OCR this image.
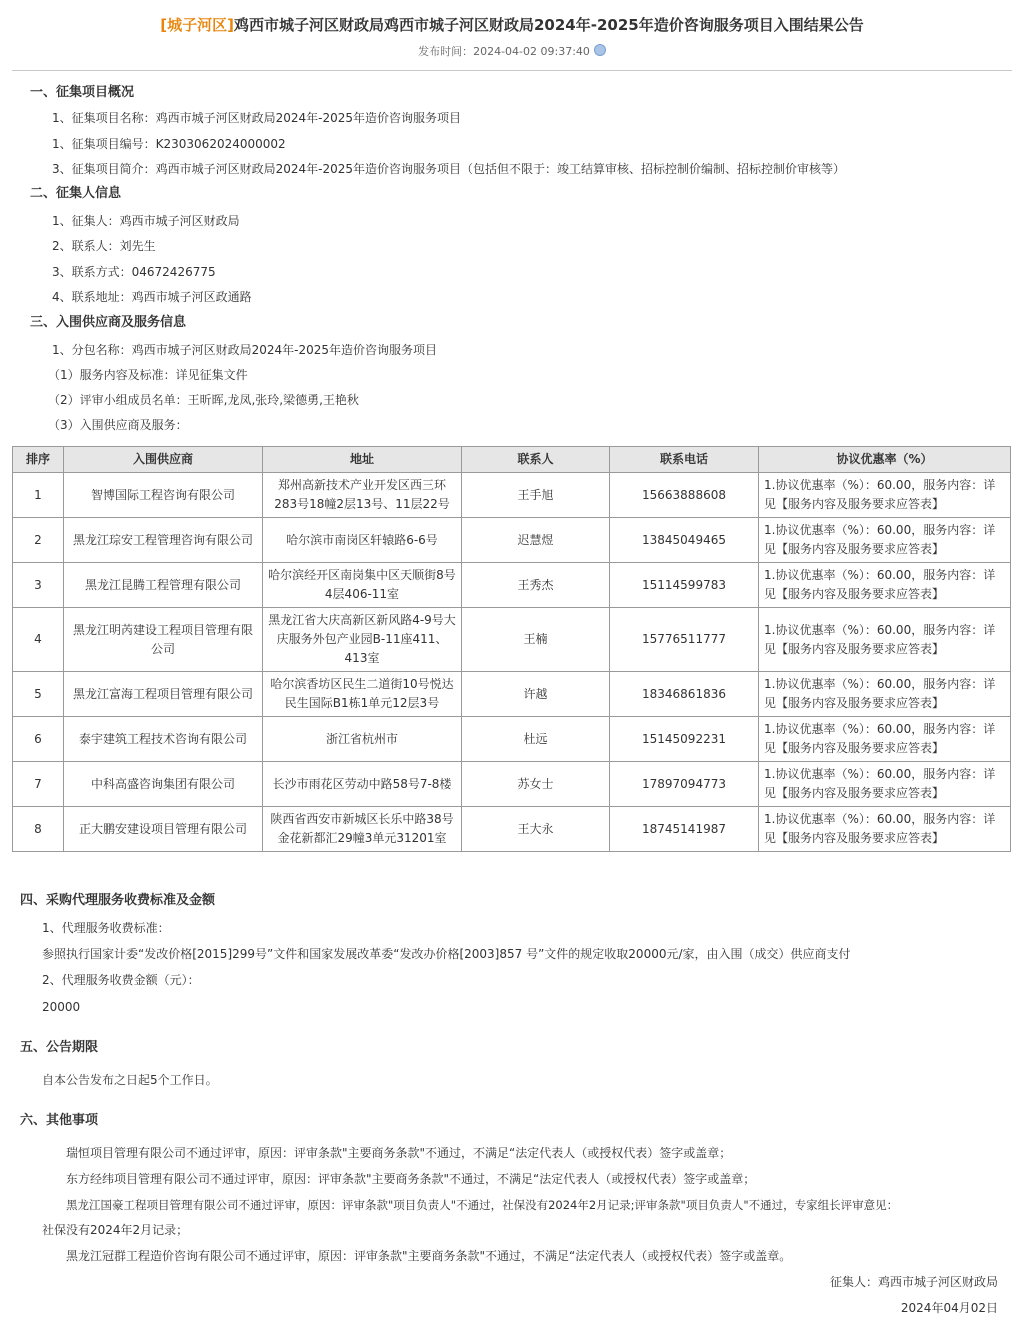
[城子河区]鸡西市城子河区财政局鸡西市城子河区财政局2024年-2025年造价咨询服务项目入围结果公告
发布时间：2024-04-02 09:37:40
一、征集项目概况
1、征集项目名称：鸡西市城子河区财政局2024年-2025年造价咨询服务项目
1、征集项目编号：K2303062024000002
3、征集项目简介：鸡西市城子河区财政局2024年-2025年造价咨询服务项目（包括但不限于：竣工结算审核、招标控制价编制、招标控制价审核等）
二、征集人信息
1、征集人：鸡西市城子河区财政局
2、联系人：刘先生
3、联系方式：04672426775
4、联系地址：鸡西市城子河区政通路
三、入围供应商及服务信息
1、分包名称：鸡西市城子河区财政局2024年-2025年造价咨询服务项目
（1）服务内容及标准：详见征集文件
（2）评审小组成员名单：王昕晖,龙凤,张玲,梁德勇,王艳秋
（3）入围供应商及服务：
排序	入围供应商	地址	联系人	联系电话	协议优惠率（%）
1	智博国际工程咨询有限公司	郑州高新技术产业开发区西三环283号18幢2层13号、11层22号	王手旭	15663888608	1.协议优惠率（%）：60.00，服务内容：详见【服务内容及服务要求应答表】
2	黑龙江琮安工程管理咨询有限公司	哈尔滨市南岗区轩辕路6-6号	迟慧煜	13845049465	1.协议优惠率（%）：60.00，服务内容：详见【服务内容及服务要求应答表】
3	黑龙江昆腾工程管理有限公司	哈尔滨经开区南岗集中区天顺街8号4层406-11室	王秀杰	15114599783	1.协议优惠率（%）：60.00，服务内容：详见【服务内容及服务要求应答表】
4	黑龙江明芮建设工程项目管理有限公司	黑龙江省大庆高新区新风路4-9号大庆服务外包产业园B-11座411、413室	王楠	15776511777	1.协议优惠率（%）：60.00，服务内容：详见【服务内容及服务要求应答表】
5	黑龙江富海工程项目管理有限公司	哈尔滨香坊区民生二道街10号悦达民生国际B1栋1单元12层3号	许越	18346861836	1.协议优惠率（%）：60.00，服务内容：详见【服务内容及服务要求应答表】
6	泰宇建筑工程技术咨询有限公司	浙江省杭州市	杜远	15145092231	1.协议优惠率（%）：60.00，服务内容：详见【服务内容及服务要求应答表】
7	中科高盛咨询集团有限公司	长沙市雨花区劳动中路58号7-8楼	苏女士	17897094773	1.协议优惠率（%）：60.00，服务内容：详见【服务内容及服务要求应答表】
8	正大鹏安建设项目管理有限公司	陕西省西安市新城区长乐中路38号金花新都汇29幢3单元31201室	王大永	18745141987	1.协议优惠率（%）：60.00，服务内容：详见【服务内容及服务要求应答表】
四、采购代理服务收费标准及金额
1、代理服务收费标准：
参照执行国家计委“发改价格[2015]299号”文件和国家发展改革委“发改办价格[2003]857 号”文件的规定收取20000元/家，由入围（成交）供应商支付
2、代理服务收费金额（元）：
20000
五、公告期限
自本公告发布之日起5个工作日。
六、其他事项
瑞恒项目管理有限公司不通过评审，原因：评审条款"主要商务条款"不通过，不满足“法定代表人（或授权代表）签字或盖章；
东方经纬项目管理有限公司不通过评审，原因：评审条款"主要商务条款"不通过，不满足“法定代表人（或授权代表）签字或盖章；
黑龙江国豪工程项目管理有限公司不通过评审，原因：评审条款"项目负责人"不通过，社保没有2024年2月记录;评审条款"项目负责人"不通过，专家组长评审意见：
社保没有2024年2月记录；
黑龙江冠群工程造价咨询有限公司不通过评审，原因：评审条款"主要商务条款"不通过，不满足“法定代表人（或授权代表）签字或盖章。
征集人：鸡西市城子河区财政局
2024年04月02日
